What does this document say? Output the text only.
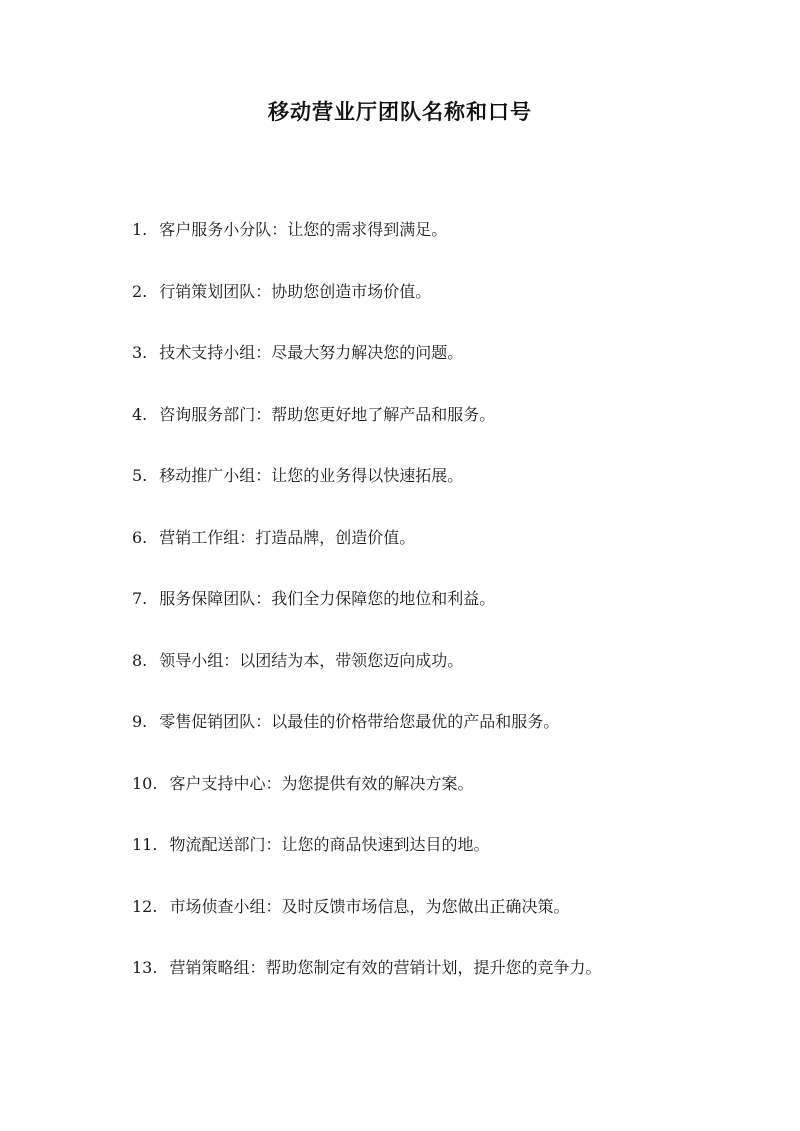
移动营业厅团队名称和口号
1. 客户服务小分队：让您的需求得到满足。
2. 行销策划团队：协助您创造市场价值。
3. 技术支持小组：尽最大努力解决您的问题。
4. 咨询服务部门：帮助您更好地了解产品和服务。
5. 移动推广小组：让您的业务得以快速拓展。
6. 营销工作组：打造品牌，创造价值。
7. 服务保障团队：我们全力保障您的地位和利益。
8. 领导小组：以团结为本，带领您迈向成功。
9. 零售促销团队：以最佳的价格带给您最优的产品和服务。
10. 客户支持中心：为您提供有效的解决方案。
11. 物流配送部门：让您的商品快速到达目的地。
12. 市场侦查小组：及时反馈市场信息，为您做出正确决策。
13. 营销策略组：帮助您制定有效的营销计划，提升您的竞争力。
